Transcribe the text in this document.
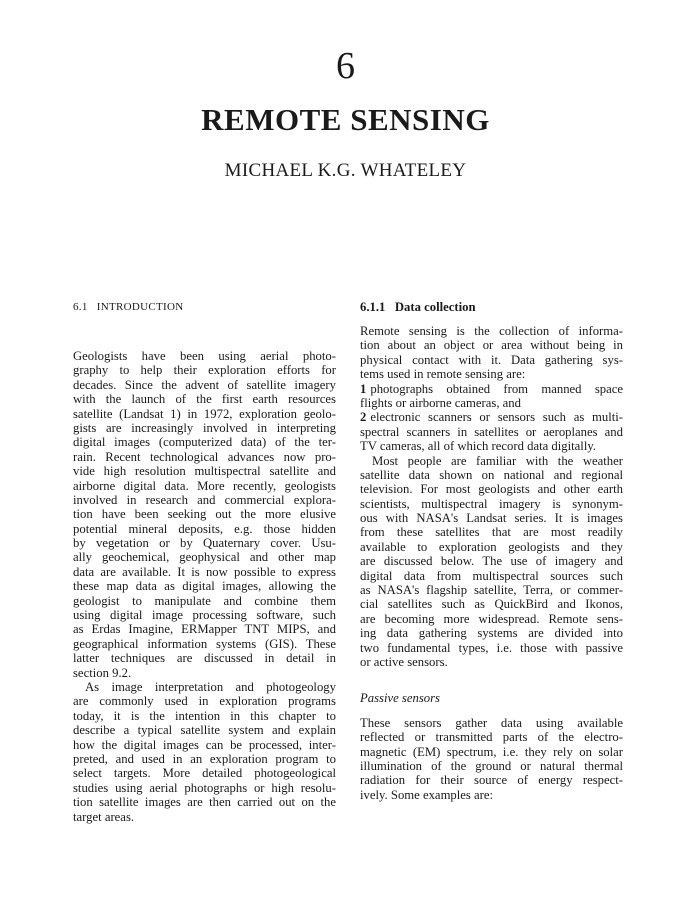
6
REMOTE SENSING
MICHAEL K.G. WHATELEY
6.1   INTRODUCTION
Geologists have been using aerial photo-
graphy to help their exploration efforts for
decades. Since the advent of satellite imagery
with the launch of the first earth resources
satellite (Landsat 1) in 1972, exploration geolo-
gists are increasingly involved in interpreting
digital images (computerized data) of the ter-
rain. Recent technological advances now pro-
vide high resolution multispectral satellite and
airborne digital data. More recently, geologists
involved in research and commercial explora-
tion have been seeking out the more elusive
potential mineral deposits, e.g. those hidden
by vegetation or by Quaternary cover. Usu-
ally geochemical, geophysical and other map
data are available. It is now possible to express
these map data as digital images, allowing the
geologist to manipulate and combine them
using digital image processing software, such
as Erdas Imagine, ERMapper TNT MIPS, and
geographical information systems (GIS). These
latter techniques are discussed in detail in
section 9.2.
As image interpretation and photogeology
are commonly used in exploration programs
today, it is the intention in this chapter to
describe a typical satellite system and explain
how the digital images can be processed, inter-
preted, and used in an exploration program to
select targets. More detailed photogeological
studies using aerial photographs or high resolu-
tion satellite images are then carried out on the
target areas.
6.1.1   Data collection
Remote sensing is the collection of informa-
tion about an object or area without being in
physical contact with it. Data gathering sys-
tems used in remote sensing are:
1 photographs obtained from manned space
flights or airborne cameras, and
2 electronic scanners or sensors such as multi-
spectral scanners in satellites or aeroplanes and
TV cameras, all of which record data digitally.
Most people are familiar with the weather
satellite data shown on national and regional
television. For most geologists and other earth
scientists, multispectral imagery is synonym-
ous with NASA's Landsat series. It is images
from these satellites that are most readily
available to exploration geologists and they
are discussed below. The use of imagery and
digital data from multispectral sources such
as NASA's flagship satellite, Terra, or commer-
cial satellites such as QuickBird and Ikonos,
are becoming more widespread. Remote sens-
ing data gathering systems are divided into
two fundamental types, i.e. those with passive
or active sensors.
Passive sensors
These sensors gather data using available
reflected or transmitted parts of the electro-
magnetic (EM) spectrum, i.e. they rely on solar
illumination of the ground or natural thermal
radiation for their source of energy respect-
ively. Some examples are:
